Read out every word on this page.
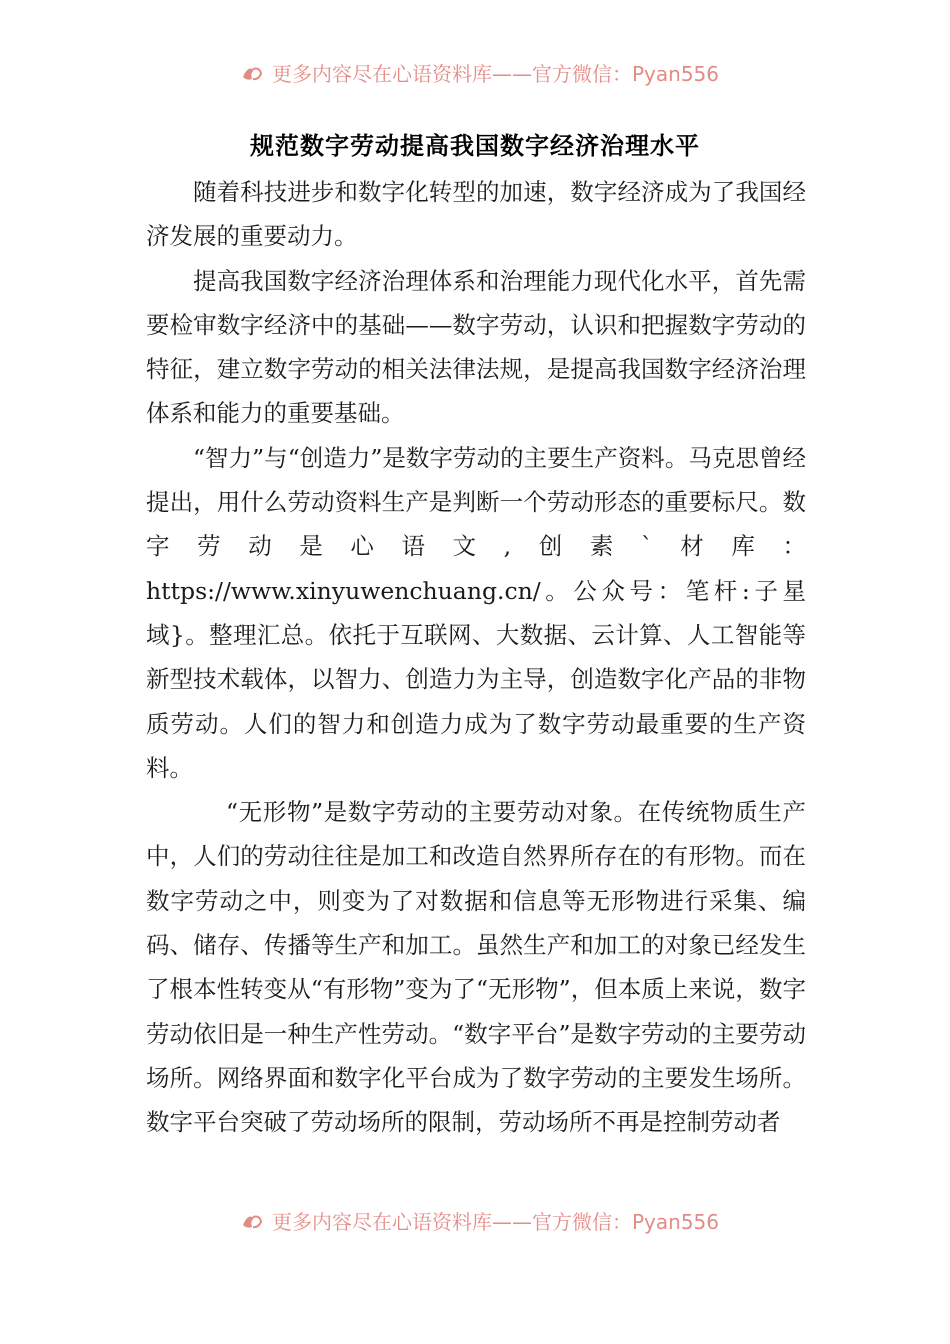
更多内容尽在心语资料库——官方微信：Pyan556
规范数字劳动提高我国数字经济治理水平

随着科技进步和数字化转型的加速，数字经济成为了我国经济发展的重要动力。

提高我国数字经济治理体系和治理能力现代化水平，首先需要检审数字经济中的基础——数字劳动，认识和把握数字劳动的特征，建立数字劳动的相关法律法规，是提高我国数字经济治理体系和能力的重要基础。

“智力”与“创造力”是数字劳动的主要生产资料。马克思曾经提出，用什么劳动资料生产是判断一个劳动形态的重要标尺。数字劳动是心语文,创素`材库：https://www.xinyuwenchuang.cn/。公众号：笔杆:子星域}。整理汇总。依托于互联网、大数据、云计算、人工智能等新型技术载体，以智力、创造力为主导，创造数字化产品的非物质劳动。人们的智力和创造力成为了数字劳动最重要的生产资料。

“无形物”是数字劳动的主要劳动对象。在传统物质生产中，人们的劳动往往是加工和改造自然界所存在的有形物。而在数字劳动之中，则变为了对数据和信息等无形物进行采集、编码、储存、传播等生产和加工。虽然生产和加工的对象已经发生了根本性转变从“有形物”变为了“无形物”，但本质上来说，数字劳动依旧是一种生产性劳动。“数字平台”是数字劳动的主要劳动场所。网络界面和数字化平台成为了数字劳动的主要发生场所。数字平台突破了劳动场所的限制，劳动场所不再是控制劳动者

更多内容尽在心语资料库——官方微信：Pyan556
